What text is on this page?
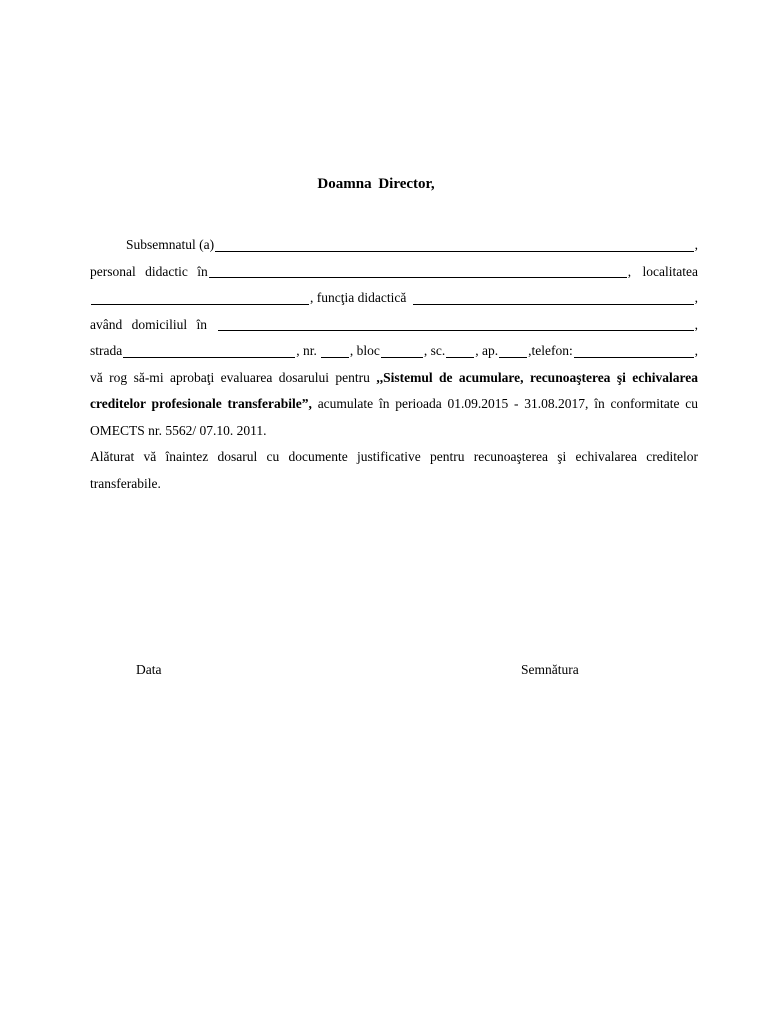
Doamna Director,
Subsemnatul (a)	,
personal didactic în	, localitatea
, funcţia didactică	,
având domiciliul în	,
strada	, nr. , bloc	, sc. , ap. ,telefon:	,
vă rog să-mi aprobaţi evaluarea dosarului pentru ,,Sistemul de acumulare, recunoaşterea şi echivalarea creditelor profesionale transferabile”, acumulate în perioada 01.09.2015 - 31.08.2017, în conformitate cu OMECTS nr. 5562/ 07.10. 2011.
Alăturat vă înaintez dosarul cu documente justificative pentru recunoaşterea şi echivalarea creditelor transferabile.
Data	Semnătura
